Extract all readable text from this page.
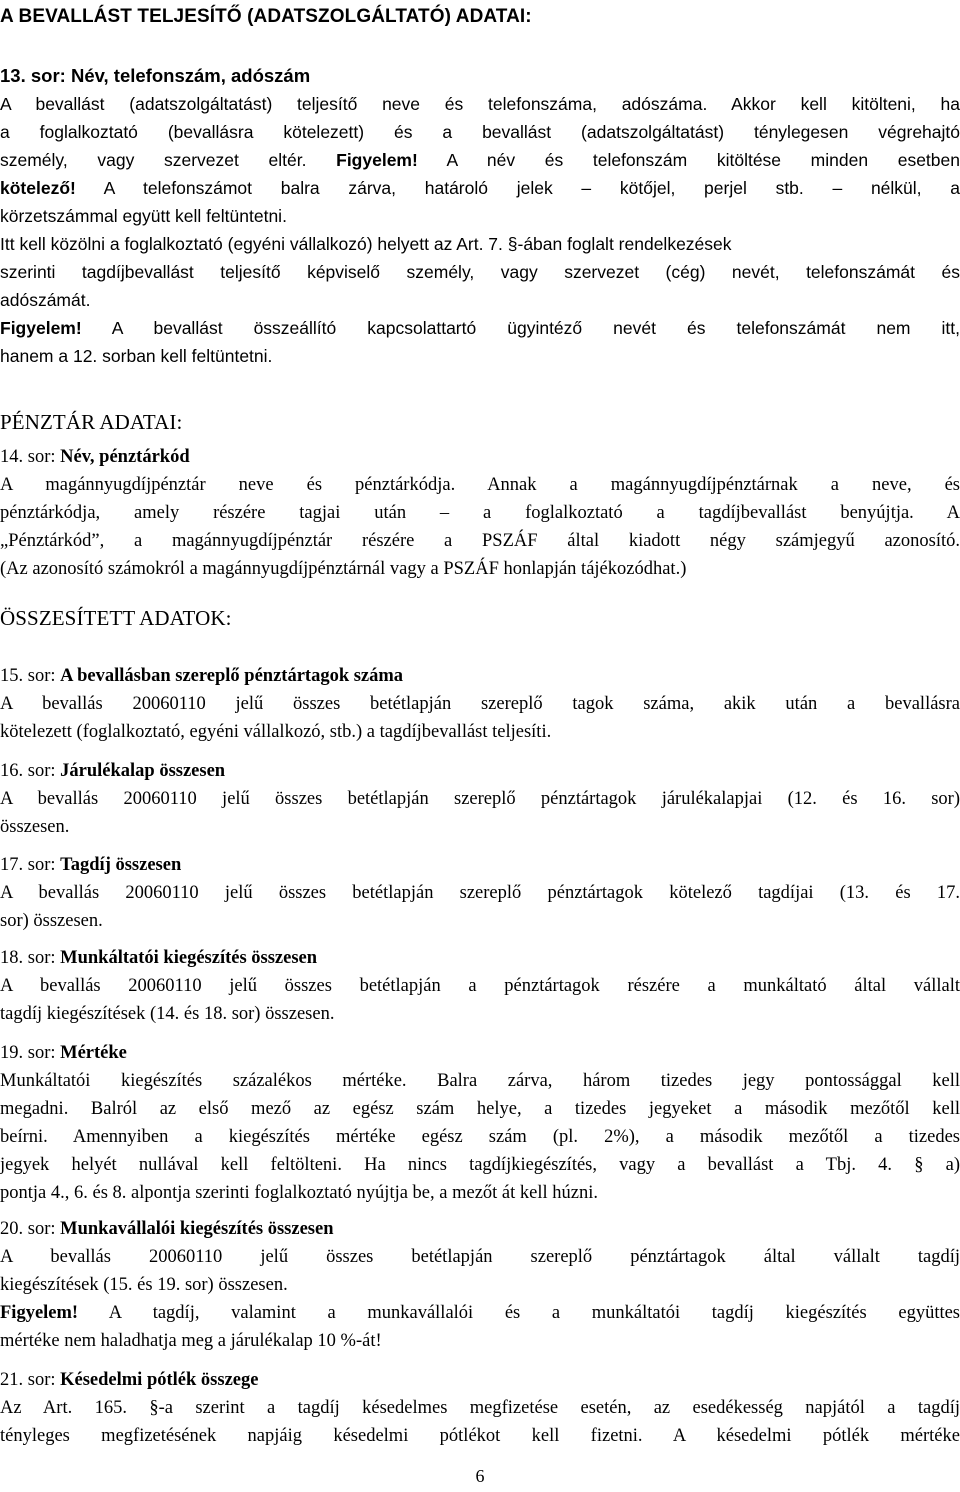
A BEVALLÁST TELJESÍTŐ (ADATSZOLGÁLTATÓ) ADATAI:
13. sor: Név, telefonszám, adószám
A bevallást (adatszolgáltatást) teljesítő neve és telefonszáma, adószáma. Akkor kell kitölteni, ha
a foglalkoztató (bevallásra kötelezett) és a bevallást (adatszolgáltatást) ténylegesen végrehajtó
személy, vagy szervezet eltér. Figyelem! A név és telefonszám kitöltése minden esetben
kötelező! A telefonszámot balra zárva, határoló jelek – kötőjel, perjel stb. – nélkül, a
körzetszámmal együtt kell feltüntetni.
Itt kell közölni a foglalkoztató (egyéni vállalkozó) helyett az Art. 7. §-ában foglalt rendelkezések
szerinti tagdíjbevallást teljesítő képviselő személy, vagy szervezet (cég) nevét, telefonszámát és
adószámát.
Figyelem! A bevallást összeállító kapcsolattartó ügyintéző nevét és telefonszámát nem itt,
hanem a 12. sorban kell feltüntetni.
PÉNZTÁR ADATAI:
14. sor: Név, pénztárkód
A magánnyugdíjpénztár neve és pénztárkódja. Annak a magánnyugdíjpénztárnak a neve, és
pénztárkódja, amely részére tagjai után – a foglalkoztató a tagdíjbevallást benyújtja. A
„Pénztárkód”, a magánnyugdíjpénztár részére a PSZÁF által kiadott négy számjegyű azonosító.
(Az azonosító számokról a magánnyugdíjpénztárnál vagy a PSZÁF honlapján tájékozódhat.)
ÖSSZESÍTETT ADATOK:
15. sor: A bevallásban szereplő pénztártagok száma
A bevallás 20060110 jelű összes betétlapján szereplő tagok száma, akik után a bevallásra
kötelezett (foglalkoztató, egyéni vállalkozó, stb.) a tagdíjbevallást teljesíti.
16. sor: Járulékalap összesen
A bevallás 20060110 jelű összes betétlapján szereplő pénztártagok járulékalapjai (12. és 16. sor)
összesen.
17. sor: Tagdíj összesen
A bevallás 20060110 jelű összes betétlapján szereplő pénztártagok kötelező tagdíjai (13. és 17.
sor) összesen.
18. sor: Munkáltatói kiegészítés összesen
A bevallás 20060110 jelű összes betétlapján a pénztártagok részére a munkáltató által vállalt
tagdíj kiegészítések (14. és 18. sor) összesen.
19. sor: Mértéke
Munkáltatói kiegészítés százalékos mértéke. Balra zárva, három tizedes jegy pontossággal kell
megadni. Balról az első mező az egész szám helye, a tizedes jegyeket a második mezőtől kell
beírni. Amennyiben a kiegészítés mértéke egész szám (pl. 2%), a második mezőtől a tizedes
jegyek helyét nullával kell feltölteni. Ha nincs tagdíjkiegészítés, vagy a bevallást a Tbj. 4. § a)
pontja 4., 6. és 8. alpontja szerinti foglalkoztató nyújtja be, a mezőt át kell húzni.
20. sor: Munkavállalói kiegészítés összesen
A bevallás 20060110 jelű összes betétlapján szereplő pénztártagok által vállalt tagdíj
kiegészítések (15. és 19. sor) összesen.
Figyelem! A tagdíj, valamint a munkavállalói és a munkáltatói tagdíj kiegészítés együttes
mértéke nem haladhatja meg a járulékalap 10 %-át!
21. sor: Késedelmi pótlék összege
Az Art. 165. §-a szerint a tagdíj késedelmes megfizetése esetén, az esedékesség napjától a tagdíj
tényleges megfizetésének napjáig késedelmi pótlékot kell fizetni. A késedelmi pótlék mértéke
6
